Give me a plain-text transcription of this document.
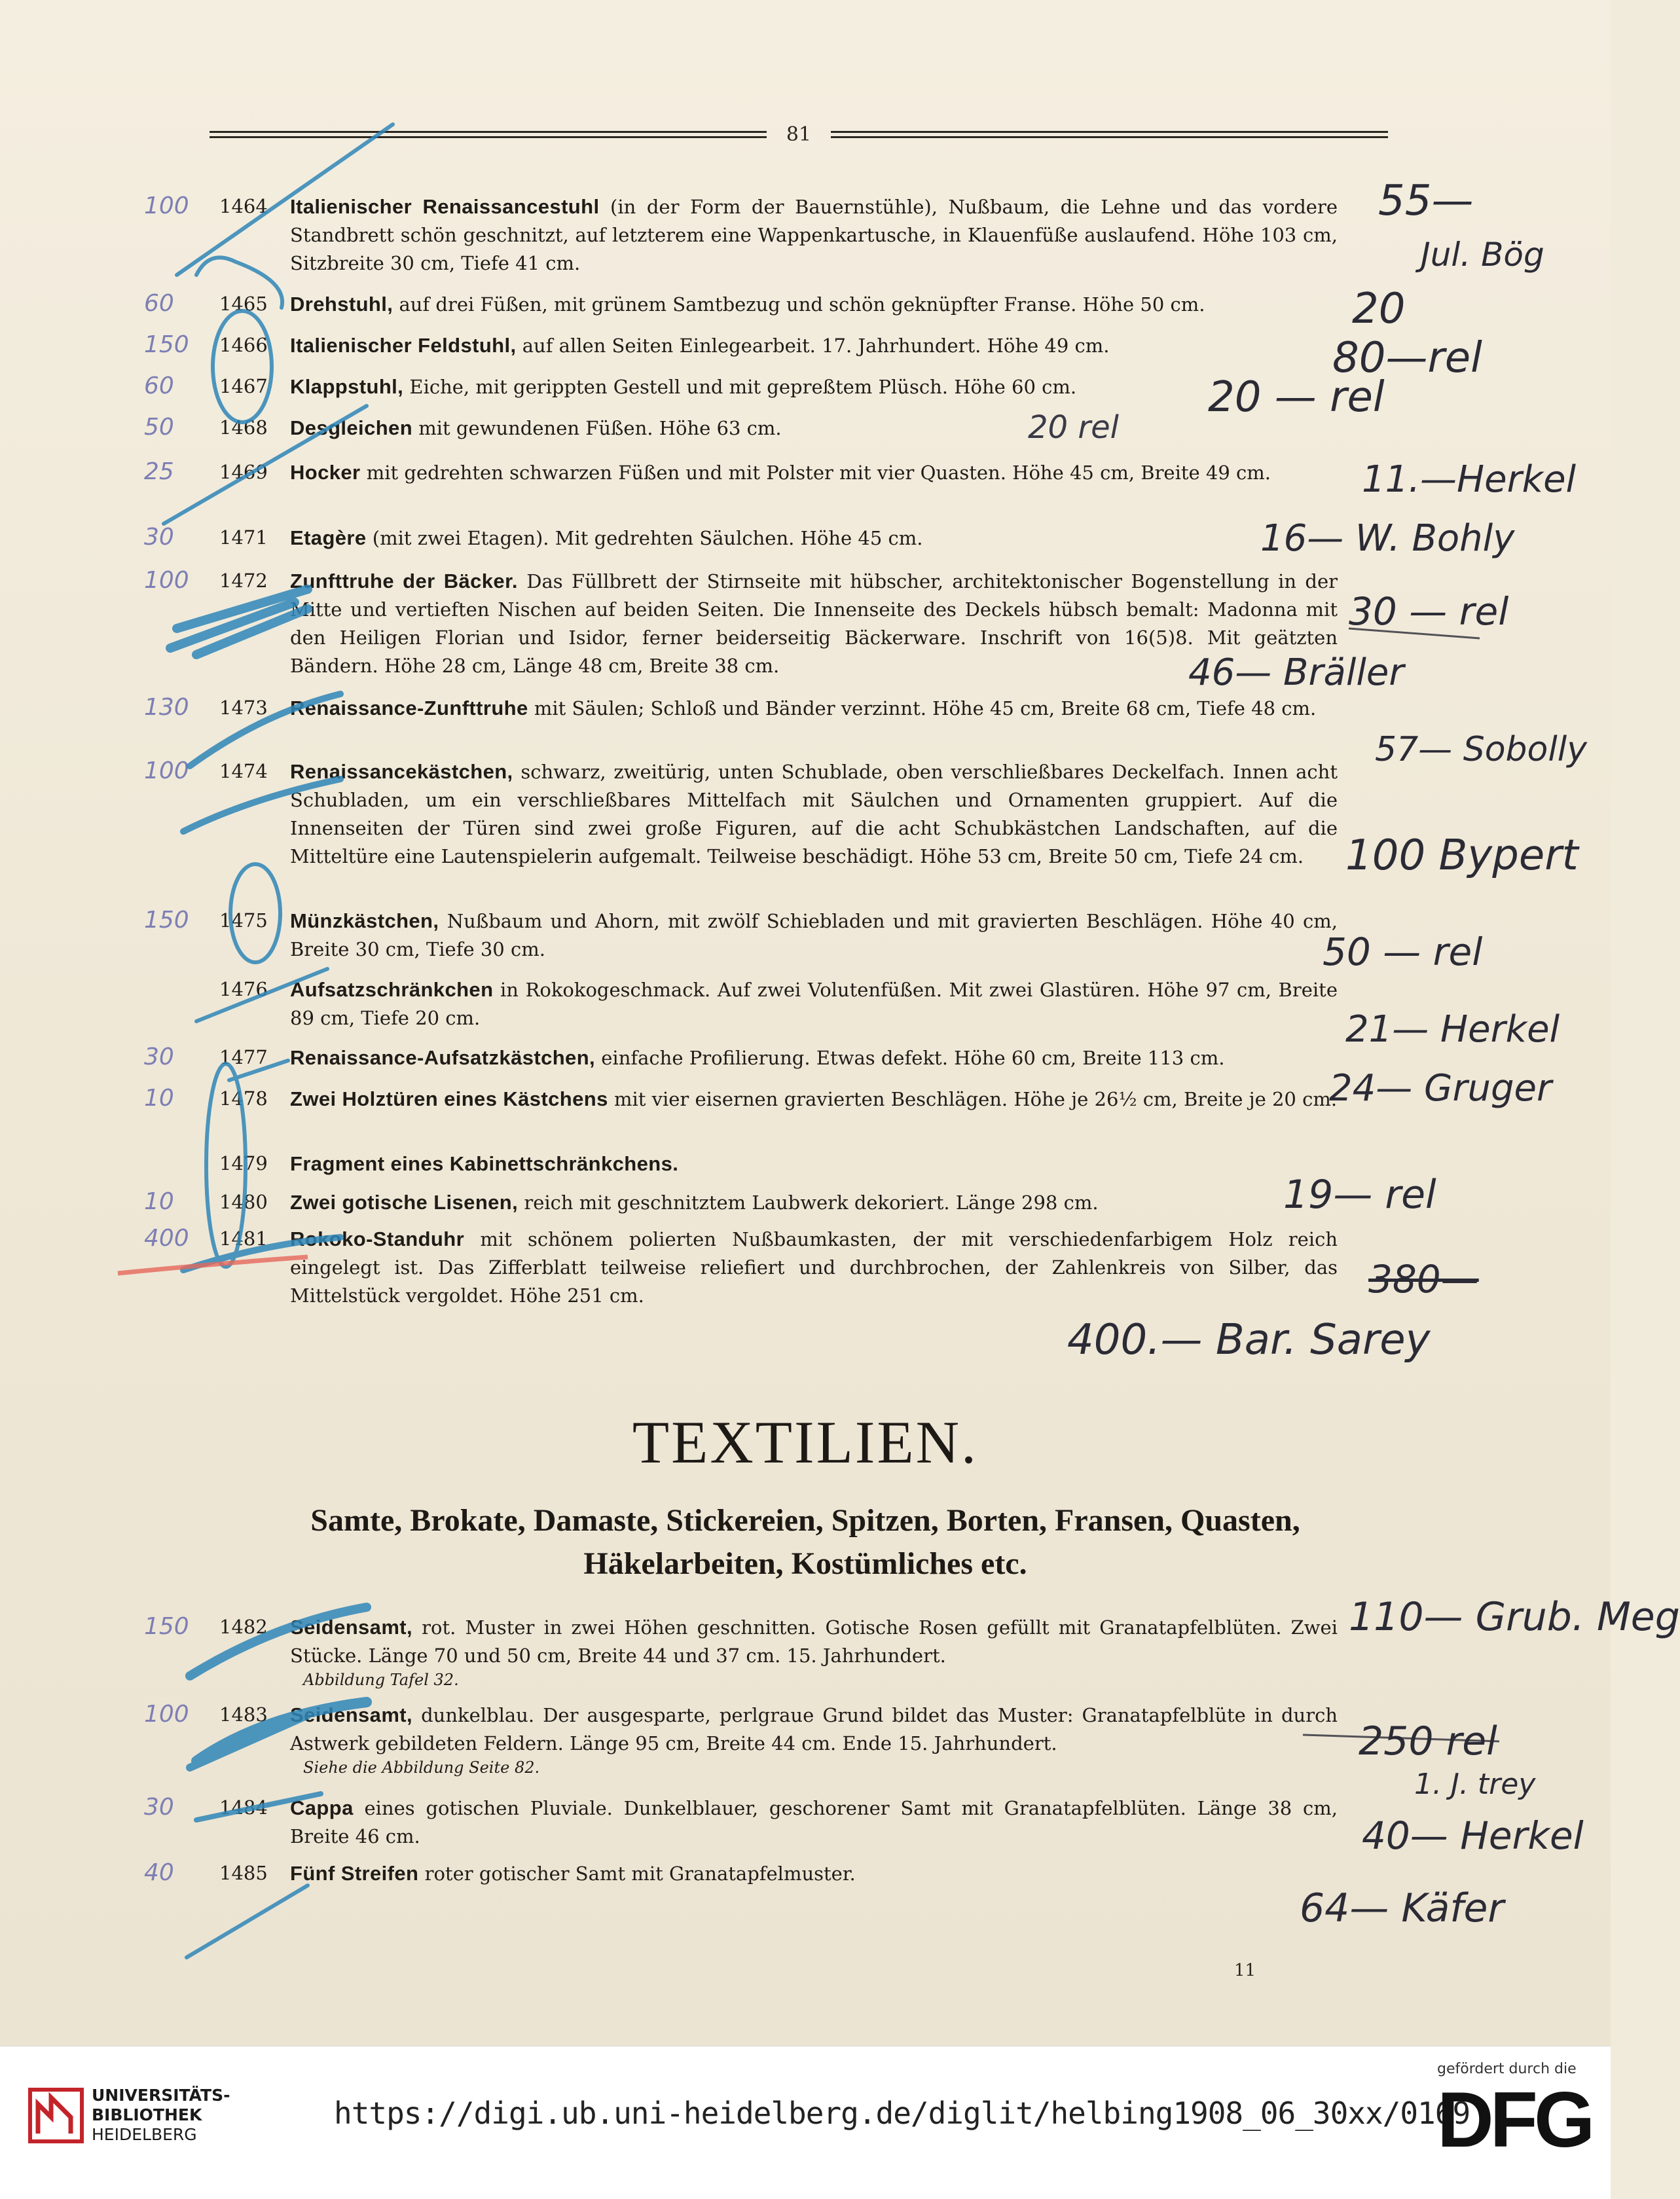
81
100	1464 Italienischer Renaissancestuhl (in der Form der Bauernstühle), Nußbaum, die Lehne und das vordere Standbrett schön geschnitzt, auf letzterem eine Wappenkartusche, in Klauenfüße auslaufend. Höhe 103 cm, Sitzbreite 30 cm, Tiefe 41 cm.
60	1465 Drehstuhl, auf drei Füßen, mit grünem Samtbezug und schön geknüpfter Franse. Höhe 50 cm.
150	1466 Italienischer Feldstuhl, auf allen Seiten Einlegearbeit. 17. Jahrhundert. Höhe 49 cm.
60	1467 Klappstuhl, Eiche, mit gerippten Gestell und mit gepreßtem Plüsch. Höhe 60 cm.
50	1468 Desgleichen mit gewundenen Füßen. Höhe 63 cm.
25	1469 Hocker mit gedrehten schwarzen Füßen und mit Polster mit vier Quasten. Höhe 45 cm, Breite 49 cm.
30	1471 Etagère (mit zwei Etagen). Mit gedrehten Säulchen. Höhe 45 cm.
100	1472 Zunfttruhe der Bäcker. Das Füllbrett der Stirnseite mit hübscher, architektonischer Bogenstellung in der Mitte und vertieften Nischen auf beiden Seiten. Die Innenseite des Deckels hübsch bemalt: Madonna mit den Heiligen Florian und Isidor, ferner beiderseitig Bäckerware. Inschrift von 16(5)8. Mit geätzten Bändern. Höhe 28 cm, Länge 48 cm, Breite 38 cm.
130	1473 Renaissance-Zunfttruhe mit Säulen; Schloß und Bänder verzinnt. Höhe 45 cm, Breite 68 cm, Tiefe 48 cm.
100	1474 Renaissancekästchen, schwarz, zweitürig, unten Schublade, oben verschließbares Deckelfach. Innen acht Schubladen, um ein verschließbares Mittelfach mit Säulchen und Ornamenten gruppiert. Auf die Innenseiten der Türen sind zwei große Figuren, auf die acht Schubkästchen Landschaften, auf die Mitteltüre eine Lautenspielerin aufgemalt. Teilweise beschädigt. Höhe 53 cm, Breite 50 cm, Tiefe 24 cm.
150	1475 Münzkästchen, Nußbaum und Ahorn, mit zwölf Schiebladen und mit gravierten Beschlägen. Höhe 40 cm, Breite 30 cm, Tiefe 30 cm.
1476 Aufsatzschränkchen in Rokokogeschmack. Auf zwei Volutenfüßen. Mit zwei Glastüren. Höhe 97 cm, Breite 89 cm, Tiefe 20 cm.
30	1477 Renaissance-Aufsatzkästchen, einfache Profilierung. Etwas defekt. Höhe 60 cm, Breite 113 cm.
10	1478 Zwei Holztüren eines Kästchens mit vier eisernen gravierten Beschlägen. Höhe je 26½ cm, Breite je 20 cm.
1479 Fragment eines Kabinettschränkchens.
10	1480 Zwei gotische Lisenen, reich mit geschnitztem Laubwerk dekoriert. Länge 298 cm.
400	1481 Rokoko-Standuhr mit schönem polierten Nußbaumkasten, der mit verschiedenfarbigem Holz reich eingelegt ist. Das Zifferblatt teilweise reliefiert und durchbrochen, der Zahlenkreis von Silber, das Mittelstück vergoldet. Höhe 251 cm.
TEXTILIEN.
Samte, Brokate, Damaste, Stickereien, Spitzen, Borten, Fransen, Quasten,
Häkelarbeiten, Kostümliches etc.
150	1482 Seidensamt, rot. Muster in zwei Höhen geschnitten. Gotische Rosen gefüllt mit Granatapfelblüten. Zwei Stücke. Länge 70 und 50 cm, Breite 44 und 37 cm. 15. Jahrhundert.
Abbildung Tafel 32.
100	1483 Seidensamt, dunkelblau. Der ausgesparte, perlgraue Grund bildet das Muster: Granatapfelblüte in durch Astwerk gebildeten Feldern. Länge 95 cm, Breite 44 cm. Ende 15. Jahrhundert.
Siehe die Abbildung Seite 82.
30	1484 Cappa eines gotischen Pluviale. Dunkelblauer, geschorener Samt mit Granatapfelblüten. Länge 38 cm, Breite 46 cm.
40	1485 Fünf Streifen roter gotischer Samt mit Granatapfelmuster.
11
55—
20
Jul. Bög
80—rel
20 — rel
20 rel
11.—Herkel
16— W. Bohly
30 — rel
46— Bräller
57— Sobolly
100 Bypert
50 — rel
21— Herkel
24— Gruger
19— rel
380—
400.— Bar. Sarey
110— Grub. Meg
250 rel
1. J. trey
40— Herkel
64— Käfer
UNIVERSITÄTS-
BIBLIOTHEK
HEIDELBERG
https://digi.ub.uni-heidelberg.de/diglit/helbing1908_06_30xx/0169
gefördert durch die
DFG
